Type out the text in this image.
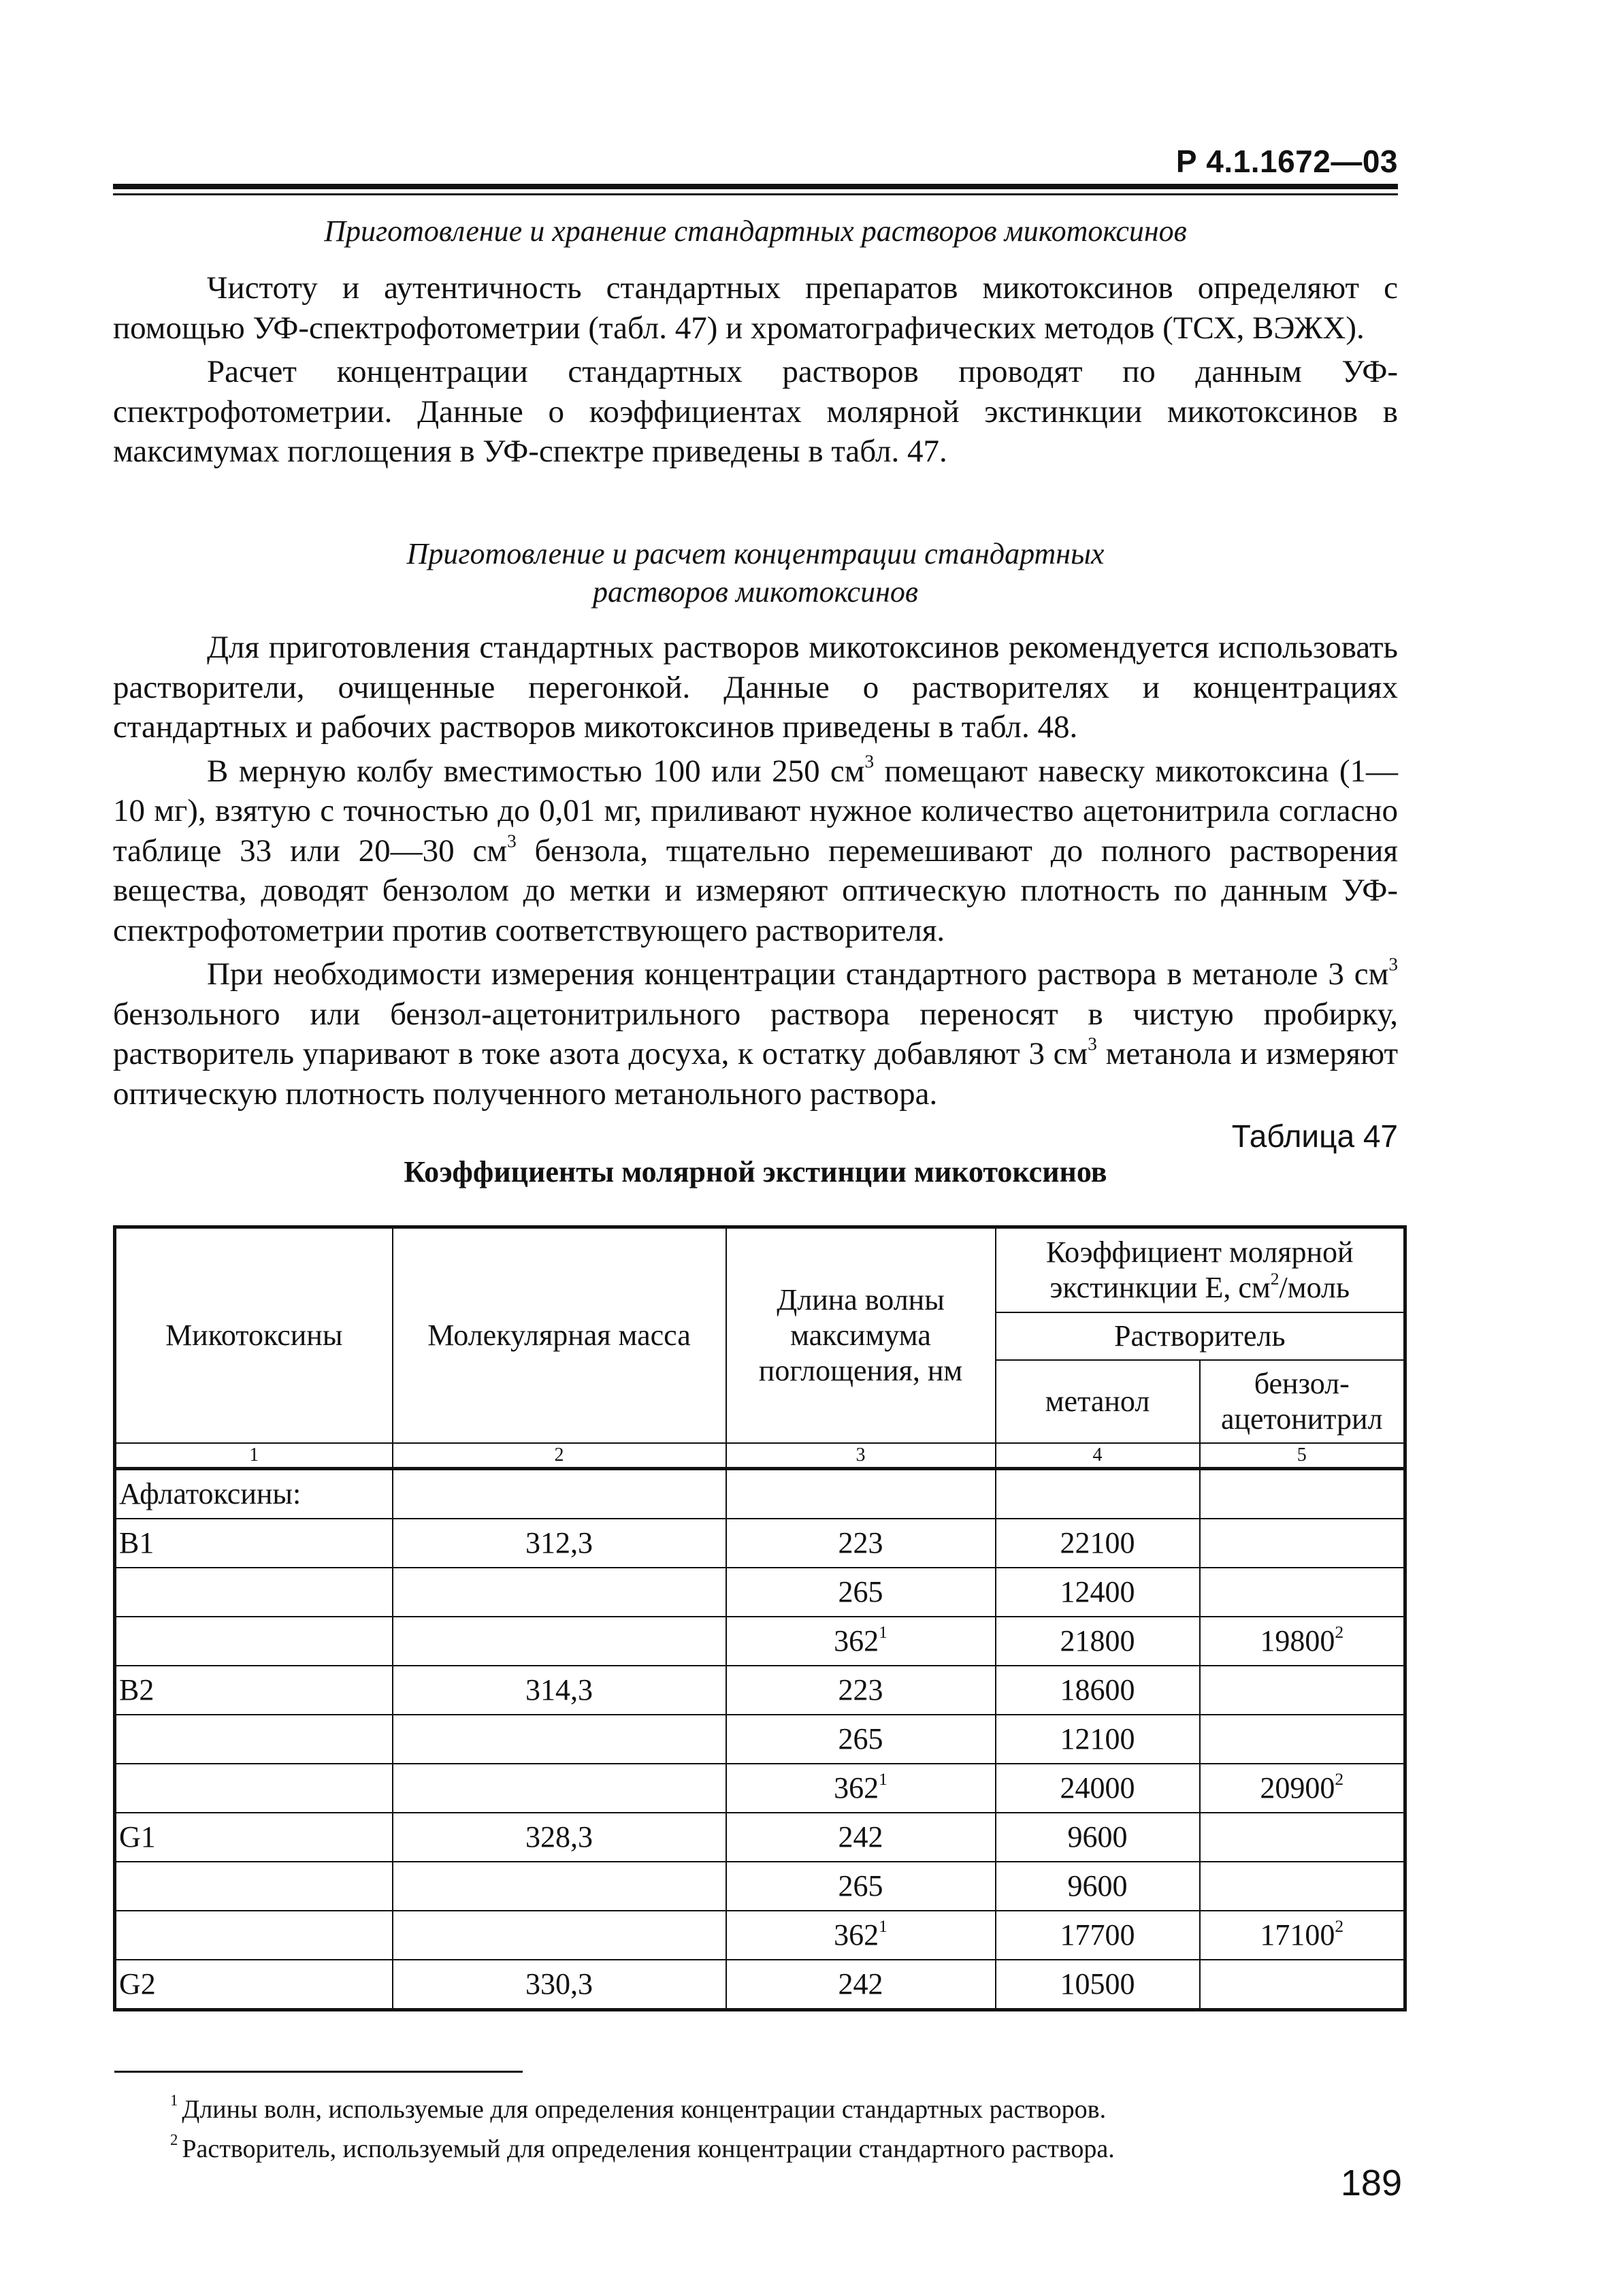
Р 4.1.1672—03
Приготовление и хранение стандартных растворов микотоксинов

Чистоту и аутентичность стандартных препаратов микотоксинов определяют с помощью УФ-спектрофотометрии (табл. 47) и хроматографических методов (ТСХ, ВЭЖХ).

Расчет концентрации стандартных растворов проводят по данным УФ-спектрофотометрии. Данные о коэффициентах молярной экстинкции микотоксинов в максимумах поглощения в УФ-спектре приведены в табл. 47.

Приготовление и расчет концентрации стандартных
растворов микотоксинов

Для приготовления стандартных растворов микотоксинов рекомендуется использовать растворители, очищенные перегонкой. Данные о растворителях и концентрациях стандартных и рабочих растворов микотоксинов приведены в табл. 48.

В мерную колбу вместимостью 100 или 250 $см^3$ помещают навеску микотоксина (1—10 мг), взятую с точностью до 0,01 мг, приливают нужное количество ацетонитрила согласно таблице 33 или 20—30 $см^3$ бензола, тщательно перемешивают до полного растворения вещества, доводят бензолом до метки и измеряют оптическую плотность по данным УФ-спектрофотометрии против соответствующего растворителя.

При необходимости измерения концентрации стандартного раствора в метаноле 3 $см^3$ бензольного или бензол-ацетонитрильного раствора переносят в чистую пробирку, растворитель упаривают в токе азота досуха, к остатку добавляют 3 $см^3$ метанола и измеряют оптическую плотность полученного метанольного раствора.

Таблица 47
Коэффициенты молярной экстинции микотоксинов
Микотоксины	Молекулярная масса	Длина волны максимума поглощения, нм	Коэффициент молярной экстинкции Е, $см^2$/моль	
			Растворитель	
			метанол	бензол-ацетонитрил
1	2	3	4	5
Афлатоксины:				
B1	312,3	223	22100	
		265	12400	
		$362^1$	21800	19800$^2$
B2	314,3	223	18600	
		265	12100	
		$362^1$	24000	20900$^2$
G1	328,3	242	9600	
		265	9600	
		$362^1$	17700	17100$^2$
G2	330,3	242	10500	
$^1$ Длины волн, используемые для определения концентрации стандартных растворов.
$^2$ Растворитель, используемый для определения концентрации стандартного раствора.
189
